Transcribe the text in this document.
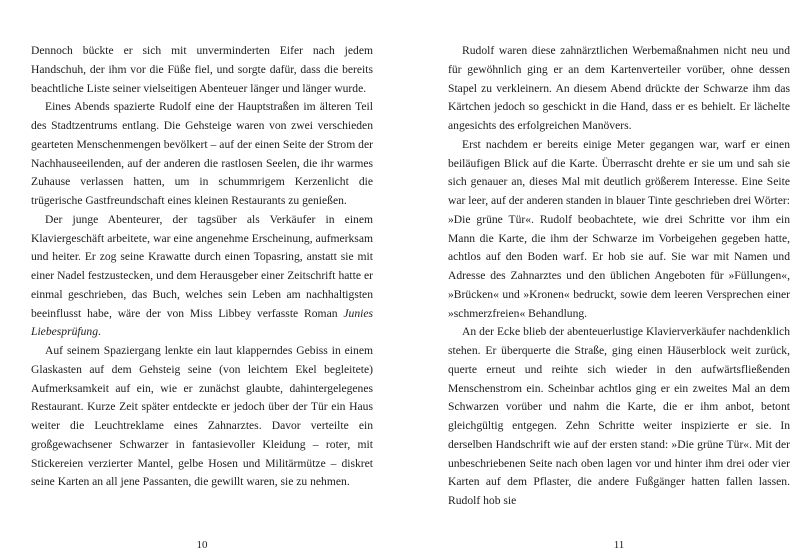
Dennoch bückte er sich mit unverminderten Eifer nach jedem Handschuh, der ihm vor die Füße fiel, und sorgte dafür, dass die bereits beachtliche Liste seiner vielseitigen Abenteuer länger und länger wurde.

Eines Abends spazierte Rudolf eine der Hauptstraßen im älteren Teil des Stadtzentrums entlang. Die Gehsteige waren von zwei verschieden gearteten Menschenmengen bevölkert – auf der einen Seite der Strom der Nachhauseeilenden, auf der anderen die rastlosen Seelen, die ihr warmes Zuhause verlassen hatten, um in schummrigem Kerzenlicht die trügerische Gastfreundschaft eines kleinen Restaurants zu genießen.

Der junge Abenteurer, der tagsüber als Verkäufer in einem Klaviergeschäft arbeitete, war eine angenehme Erscheinung, aufmerksam und heiter. Er zog seine Krawatte durch einen Topasring, anstatt sie mit einer Nadel festzustecken, und dem Herausgeber einer Zeitschrift hatte er einmal geschrieben, das Buch, welches sein Leben am nachhaltigsten beeinflusst habe, wäre der von Miss Libbey verfasste Roman Junies Liebesprüfung.

Auf seinem Spaziergang lenkte ein laut klapperndes Gebiss in einem Glaskasten auf dem Gehsteig seine (von leichtem Ekel begleitete) Aufmerksamkeit auf ein, wie er zunächst glaubte, dahintergelegenes Restaurant. Kurze Zeit später entdeckte er jedoch über der Tür ein Haus weiter die Leuchtreklame eines Zahnarztes. Davor verteilte ein großgewachsener Schwarzer in fantasievoller Kleidung – roter, mit Stickereien verzierter Mantel, gelbe Hosen und Militärmütze – diskret seine Karten an all jene Passanten, die gewillt waren, sie zu nehmen.

10

Rudolf waren diese zahnärztlichen Werbemaßnahmen nicht neu und für gewöhnlich ging er an dem Kartenverteiler vorüber, ohne dessen Stapel zu verkleinern. An diesem Abend drückte der Schwarze ihm das Kärtchen jedoch so geschickt in die Hand, dass er es behielt. Er lächelte angesichts des erfolgreichen Manövers.

Erst nachdem er bereits einige Meter gegangen war, warf er einen beiläufigen Blick auf die Karte. Überrascht drehte er sie um und sah sie sich genauer an, dieses Mal mit deutlich größerem Interesse. Eine Seite war leer, auf der anderen standen in blauer Tinte geschrieben drei Wörter: »Die grüne Tür«. Rudolf beobachtete, wie drei Schritte vor ihm ein Mann die Karte, die ihm der Schwarze im Vorbeigehen gegeben hatte, achtlos auf den Boden warf. Er hob sie auf. Sie war mit Namen und Adresse des Zahnarztes und den üblichen Angeboten für »Füllungen«, »Brücken« und »Kronen« bedruckt, sowie dem leeren Versprechen einer »schmerzfreien« Behandlung.

An der Ecke blieb der abenteuerlustige Klavierverkäufer nachdenklich stehen. Er überquerte die Straße, ging einen Häuserblock weit zurück, querte erneut und reihte sich wieder in den aufwärtsfließenden Menschenstrom ein. Scheinbar achtlos ging er ein zweites Mal an dem Schwarzen vorüber und nahm die Karte, die er ihm anbot, betont gleichgültig entgegen. Zehn Schritte weiter inspizierte er sie. In derselben Handschrift wie auf der ersten stand: »Die grüne Tür«. Mit der unbeschriebenen Seite nach oben lagen vor und hinter ihm drei oder vier Karten auf dem Pflaster, die andere Fußgänger hatten fallen lassen. Rudolf hob sie

11
